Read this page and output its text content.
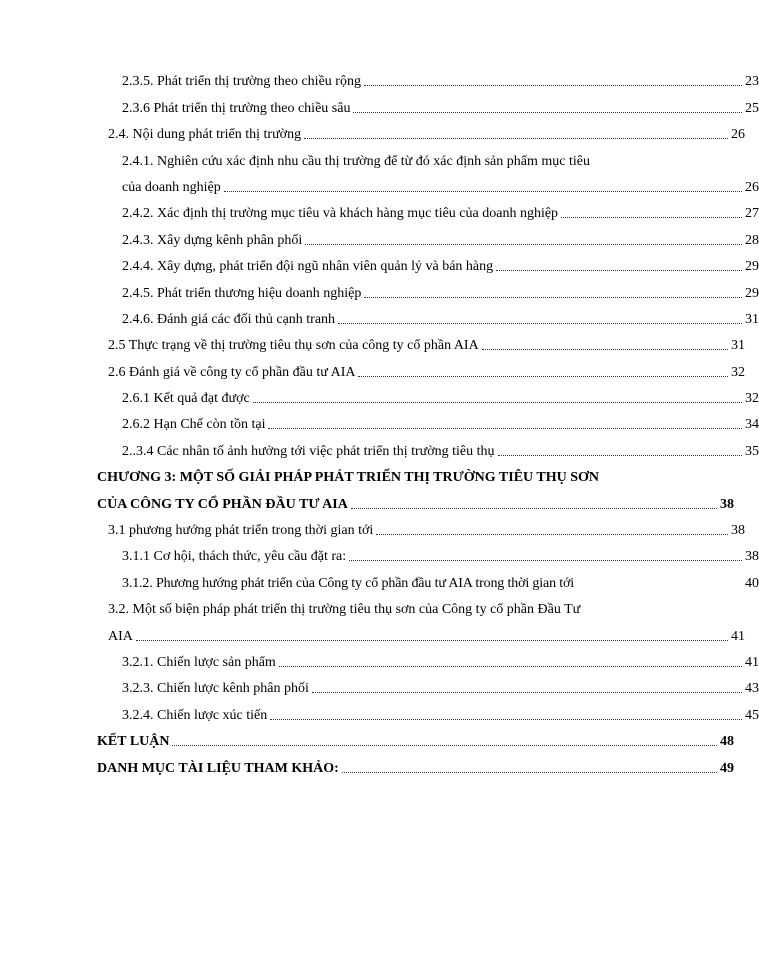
2.3.5. Phát triển thị trường theo chiều rộng	23
2.3.6 Phát triển thị trường theo chiều sâu	25
2.4. Nội dung phát triển thị trường	26
2.4.1. Nghiên cứu xác định nhu cầu thị trường để từ đó xác định sản phẩm mục tiêu
của doanh nghiệp	26
2.4.2. Xác định thị trường mục tiêu và khách hàng mục tiêu của doanh nghiệp	27
2.4.3. Xây dựng kênh phân phối	28
2.4.4. Xây dựng, phát triển đội ngũ nhân viên quản lý và bán hàng	29
2.4.5. Phát triển thương hiệu doanh nghiệp	29
2.4.6. Đánh giá các đối thủ cạnh tranh	31
2.5 Thực trạng về thị trường tiêu thụ sơn của công ty cổ phần AIA	31
2.6 Đánh giá về công ty cổ phần đầu tư AIA	32
2.6.1 Kết quả đạt được	32
2.6.2 Hạn Chế còn tồn tại	34
2..3.4 Các nhân tố ảnh hưởng tới việc phát triển thị trường tiêu thụ	35
CHƯƠNG 3: MỘT SỐ GIẢI PHÁP PHÁT TRIỂN THỊ TRƯỜNG TIÊU THỤ SƠN
CỦA CÔNG TY CỔ PHẦN ĐẦU TƯ AIA	38
3.1 phương hướng phát triển trong thời gian tới	38
3.1.1 Cơ hội, thách thức, yêu cầu đặt ra:	38
3.1.2. Phương hướng phát triển của Công ty cổ phần đầu tư AIA trong thời gian tới	40
3.2. Một số biện pháp phát triển thị trường tiêu thụ sơn của Công ty cổ phần Đầu Tư
AIA	41
3.2.1. Chiến lược sản phẩm	41
3.2.3. Chiến lược kênh phân phối	43
3.2.4. Chiến lược xúc tiến	45
KẾT LUẬN	48
DANH MỤC TÀI LIỆU THAM KHẢO:	49
